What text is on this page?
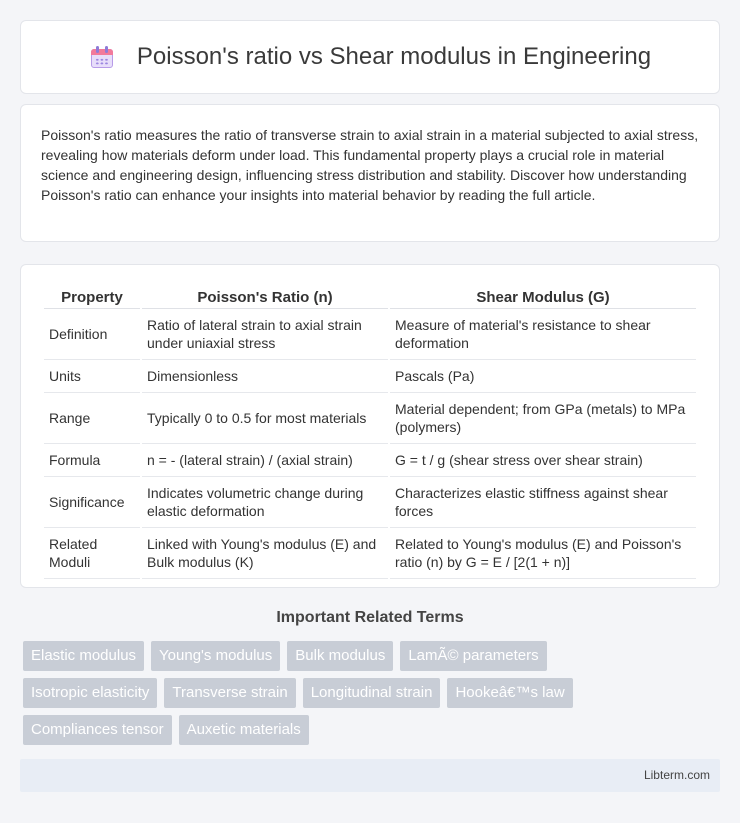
Poisson's ratio vs Shear modulus in Engineering

Poisson's ratio measures the ratio of transverse strain to axial strain in a material subjected to axial stress, revealing how materials deform under load. This fundamental property plays a crucial role in material science and engineering design, influencing stress distribution and stability. Discover how understanding Poisson's ratio can enhance your insights into material behavior by reading the full article.

Property	Poisson's Ratio (n)	Shear Modulus (G)
Definition	Ratio of lateral strain to axial strain under uniaxial stress	Measure of material's resistance to shear deformation
Units	Dimensionless	Pascals (Pa)
Range	Typically 0 to 0.5 for most materials	Material dependent; from GPa (metals) to MPa (polymers)
Formula	n = - (lateral strain) / (axial strain)	G = t / g (shear stress over shear strain)
Significance	Indicates volumetric change during elastic deformation	Characterizes elastic stiffness against shear forces
Related Moduli	Linked with Young's modulus (E) and Bulk modulus (K)	Related to Young's modulus (E) and Poisson's ratio (n) by G = E / [2(1 + n)]
Important Related Terms
Elastic modulus	Young's modulus	Bulk modulus	LamÃ© parameters
Isotropic elasticity	Transverse strain	Longitudinal strain	Hookeâ€™s law
Compliances tensor	Auxetic materials
Libterm.com
